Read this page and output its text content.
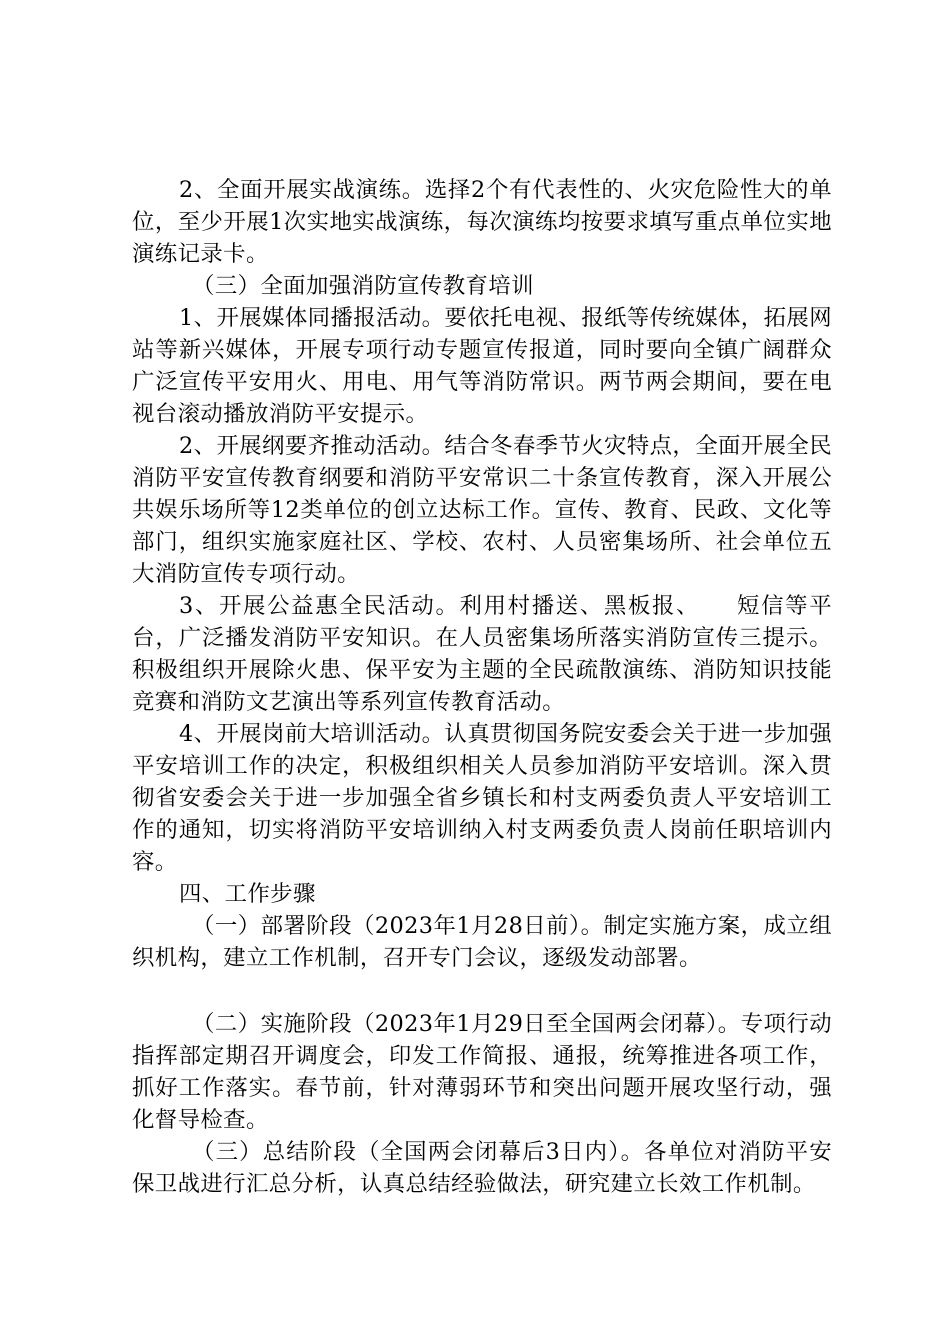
2、全面开展实战演练。选择2个有代表性的、火灾危险性大的单位，至少开展1次实地实战演练，每次演练均按要求填写重点单位实地演练记录卡。

（三）全面加强消防宣传教育培训

1、开展媒体同播报活动。要依托电视、报纸等传统媒体，拓展网站等新兴媒体，开展专项行动专题宣传报道，同时要向全镇广阔群众广泛宣传平安用火、用电、用气等消防常识。两节两会期间，要在电视台滚动播放消防平安提示。

2、开展纲要齐推动活动。结合冬春季节火灾特点，全面开展全民消防平安宣传教育纲要和消防平安常识二十条宣传教育，深入开展公共娱乐场所等12类单位的创立达标工作。宣传、教育、民政、文化等部门，组织实施家庭社区、学校、农村、人员密集场所、社会单位五大消防宣传专项行动。

3、开展公益惠全民活动。利用村播送、黑板报、　　短信等平台，广泛播发消防平安知识。在人员密集场所落实消防宣传三提示。积极组织开展除火患、保平安为主题的全民疏散演练、消防知识技能竞赛和消防文艺演出等系列宣传教育活动。

4、开展岗前大培训活动。认真贯彻国务院安委会关于进一步加强平安培训工作的决定，积极组织相关人员参加消防平安培训。深入贯彻省安委会关于进一步加强全省乡镇长和村支两委负责人平安培训工作的通知，切实将消防平安培训纳入村支两委负责人岗前任职培训内容。

四、工作步骤

（一）部署阶段（2023年1月28日前）。制定实施方案，成立组织机构，建立工作机制，召开专门会议，逐级发动部署。

（二）实施阶段（2023年1月29日至全国两会闭幕）。专项行动指挥部定期召开调度会，印发工作简报、通报，统筹推进各项工作，抓好工作落实。春节前，针对薄弱环节和突出问题开展攻坚行动，强化督导检查。

（三）总结阶段（全国两会闭幕后3日内）。各单位对消防平安保卫战进行汇总分析，认真总结经验做法，研究建立长效工作机制。
